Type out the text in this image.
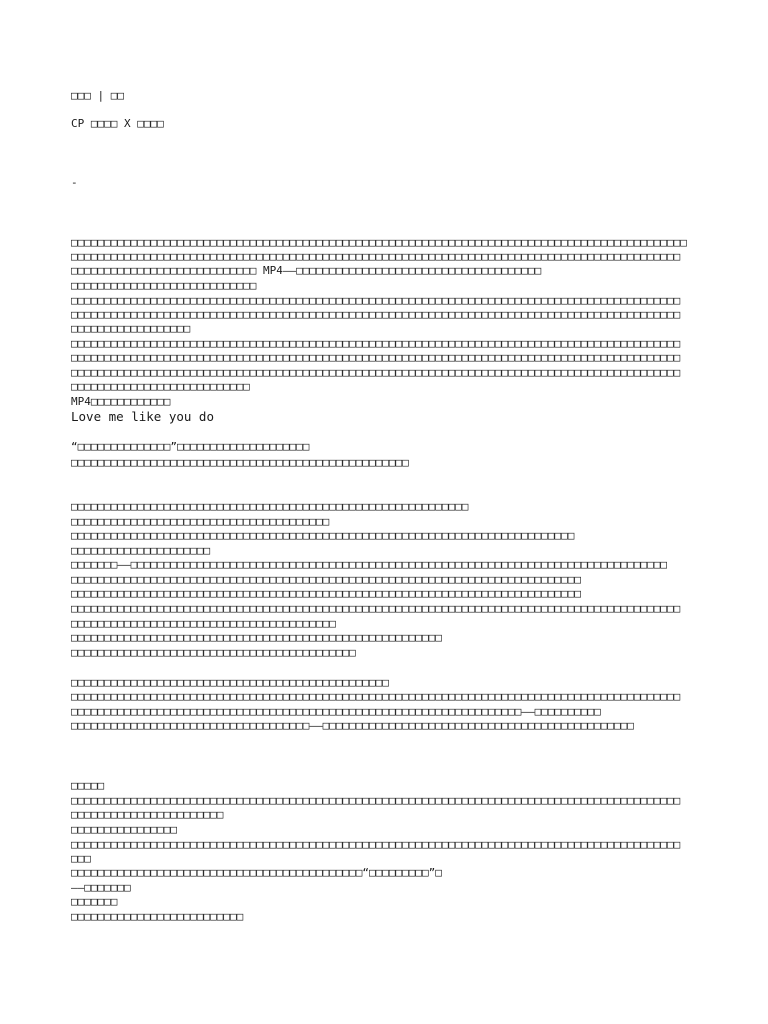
□□□ | □□
CP □□□□ X □□□□
-
□□□□□□□□□□□□□□□□□□□□□□□□□□□□□□□□□□□□□□□□□□□□□□□□□□□□□□□□□□□□□□□□□□□□□□□□□□□□□□□□□□□□□□□□□□□□□
□□□□□□□□□□□□□□□□□□□□□□□□□□□□□□□□□□□□□□□□□□□□□□□□□□□□□□□□□□□□□□□□□□□□□□□□□□□□□□□□□□□□□□□□□□□□
□□□□□□□□□□□□□□□□□□□□□□□□□□□□ MP4——□□□□□□□□□□□□□□□□□□□□□□□□□□□□□□□□□□□□□
□□□□□□□□□□□□□□□□□□□□□□□□□□□□
□□□□□□□□□□□□□□□□□□□□□□□□□□□□□□□□□□□□□□□□□□□□□□□□□□□□□□□□□□□□□□□□□□□□□□□□□□□□□□□□□□□□□□□□□□□□
□□□□□□□□□□□□□□□□□□□□□□□□□□□□□□□□□□□□□□□□□□□□□□□□□□□□□□□□□□□□□□□□□□□□□□□□□□□□□□□□□□□□□□□□□□□□
□□□□□□□□□□□□□□□□□□
□□□□□□□□□□□□□□□□□□□□□□□□□□□□□□□□□□□□□□□□□□□□□□□□□□□□□□□□□□□□□□□□□□□□□□□□□□□□□□□□□□□□□□□□□□□□
□□□□□□□□□□□□□□□□□□□□□□□□□□□□□□□□□□□□□□□□□□□□□□□□□□□□□□□□□□□□□□□□□□□□□□□□□□□□□□□□□□□□□□□□□□□□
□□□□□□□□□□□□□□□□□□□□□□□□□□□□□□□□□□□□□□□□□□□□□□□□□□□□□□□□□□□□□□□□□□□□□□□□□□□□□□□□□□□□□□□□□□□□
□□□□□□□□□□□□□□□□□□□□□□□□□□□
MP4□□□□□□□□□□□□
Love me like you do
“□□□□□□□□□□□□□□”□□□□□□□□□□□□□□□□□□□□
□□□□□□□□□□□□□□□□□□□□□□□□□□□□□□□□□□□□□□□□□□□□□□□□□□□
□□□□□□□□□□□□□□□□□□□□□□□□□□□□□□□□□□□□□□□□□□□□□□□□□□□□□□□□□□□□
□□□□□□□□□□□□□□□□□□□□□□□□□□□□□□□□□□□□□□□
□□□□□□□□□□□□□□□□□□□□□□□□□□□□□□□□□□□□□□□□□□□□□□□□□□□□□□□□□□□□□□□□□□□□□□□□□□□□
□□□□□□□□□□□□□□□□□□□□□
□□□□□□□——□□□□□□□□□□□□□□□□□□□□□□□□□□□□□□□□□□□□□□□□□□□□□□□□□□□□□□□□□□□□□□□□□□□□□□□□□□□□□□□□□
□□□□□□□□□□□□□□□□□□□□□□□□□□□□□□□□□□□□□□□□□□□□□□□□□□□□□□□□□□□□□□□□□□□□□□□□□□□□□
□□□□□□□□□□□□□□□□□□□□□□□□□□□□□□□□□□□□□□□□□□□□□□□□□□□□□□□□□□□□□□□□□□□□□□□□□□□□□
□□□□□□□□□□□□□□□□□□□□□□□□□□□□□□□□□□□□□□□□□□□□□□□□□□□□□□□□□□□□□□□□□□□□□□□□□□□□□□□□□□□□□□□□□□□□
□□□□□□□□□□□□□□□□□□□□□□□□□□□□□□□□□□□□□□□□
□□□□□□□□□□□□□□□□□□□□□□□□□□□□□□□□□□□□□□□□□□□□□□□□□□□□□□□□
□□□□□□□□□□□□□□□□□□□□□□□□□□□□□□□□□□□□□□□□□□□
□□□□□□□□□□□□□□□□□□□□□□□□□□□□□□□□□□□□□□□□□□□□□□□□
□□□□□□□□□□□□□□□□□□□□□□□□□□□□□□□□□□□□□□□□□□□□□□□□□□□□□□□□□□□□□□□□□□□□□□□□□□□□□□□□□□□□□□□□□□□□
□□□□□□□□□□□□□□□□□□□□□□□□□□□□□□□□□□□□□□□□□□□□□□□□□□□□□□□□□□□□□□□□□□□□——□□□□□□□□□□
□□□□□□□□□□□□□□□□□□□□□□□□□□□□□□□□□□□□——□□□□□□□□□□□□□□□□□□□□□□□□□□□□□□□□□□□□□□□□□□□□□□□
□□□□□
□□□□□□□□□□□□□□□□□□□□□□□□□□□□□□□□□□□□□□□□□□□□□□□□□□□□□□□□□□□□□□□□□□□□□□□□□□□□□□□□□□□□□□□□□□□□
□□□□□□□□□□□□□□□□□□□□□□□
□□□□□□□□□□□□□□□□
□□□□□□□□□□□□□□□□□□□□□□□□□□□□□□□□□□□□□□□□□□□□□□□□□□□□□□□□□□□□□□□□□□□□□□□□□□□□□□□□□□□□□□□□□□□□
□□□
□□□□□□□□□□□□□□□□□□□□□□□□□□□□□□□□□□□□□□□□□□□□“□□□□□□□□□”□
——□□□□□□□
□□□□□□□
□□□□□□□□□□□□□□□□□□□□□□□□□□
